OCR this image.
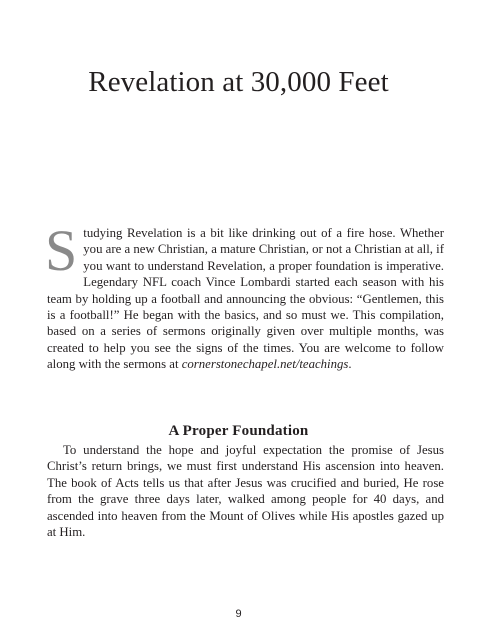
Revelation at 30,000 Feet

Studying Revelation is a bit like drinking out of a fire hose. Whether you are a new Christian, a mature Christian, or not a Christian at all, if you want to understand Revelation, a proper foundation is imperative. Legendary NFL coach Vince Lombardi started each season with his team by holding up a football and announcing the obvious: “Gentlemen, this is a football!” He began with the basics, and so must we. This compilation, based on a series of sermons originally given over multiple months, was created to help you see the signs of the times. You are welcome to follow along with the sermons at cornerstonechapel.net/teachings.

A Proper Foundation

To understand the hope and joyful expectation the promise of Jesus Christ’s return brings, we must first understand His ascension into heaven. The book of Acts tells us that after Jesus was crucified and buried, He rose from the grave three days later, walked among people for 40 days, and ascended into heaven from the Mount of Olives while His apostles gazed up at Him.

9
